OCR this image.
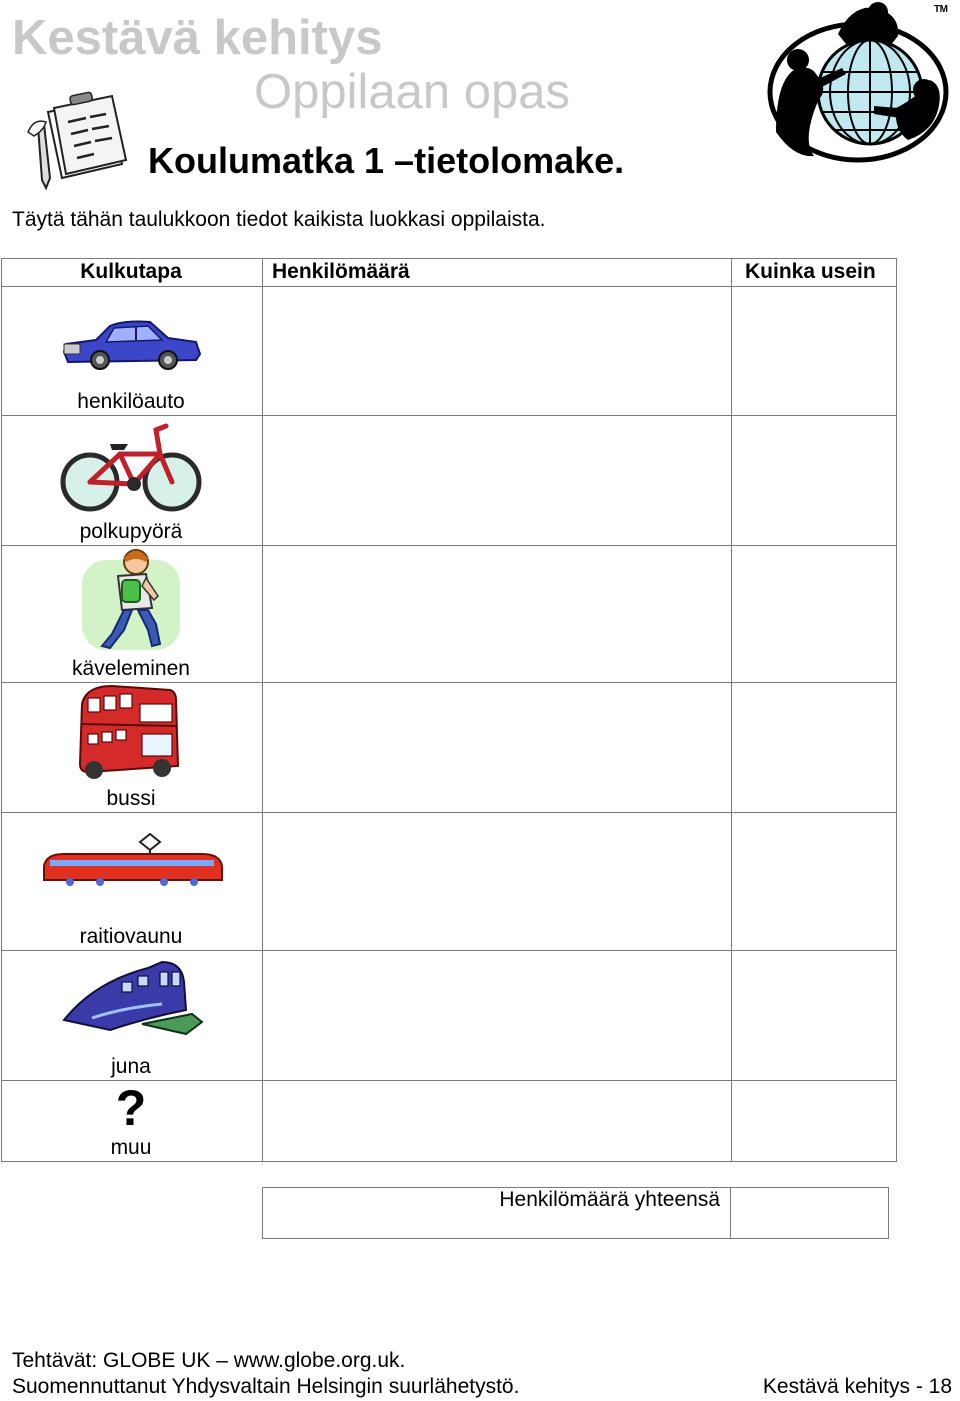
Kestävä kehitys
Oppilaan opas
TM
Koulumatka 1 –tietolomake.
Täytä tähän taulukkoon tiedot kaikista luokkasi oppilaista.
Kulkutapa	Henkilömäärä	Kuinka usein
henkilöauto
polkupyörä
käveleminen
bussi
raitiovaunu
juna
?
muu
Henkilömäärä yhteensä
Tehtävät: GLOBE UK – www.globe.org.uk.
Suomennuttanut Yhdysvaltain Helsingin suurlähetystö.	Kestävä kehitys - 18
